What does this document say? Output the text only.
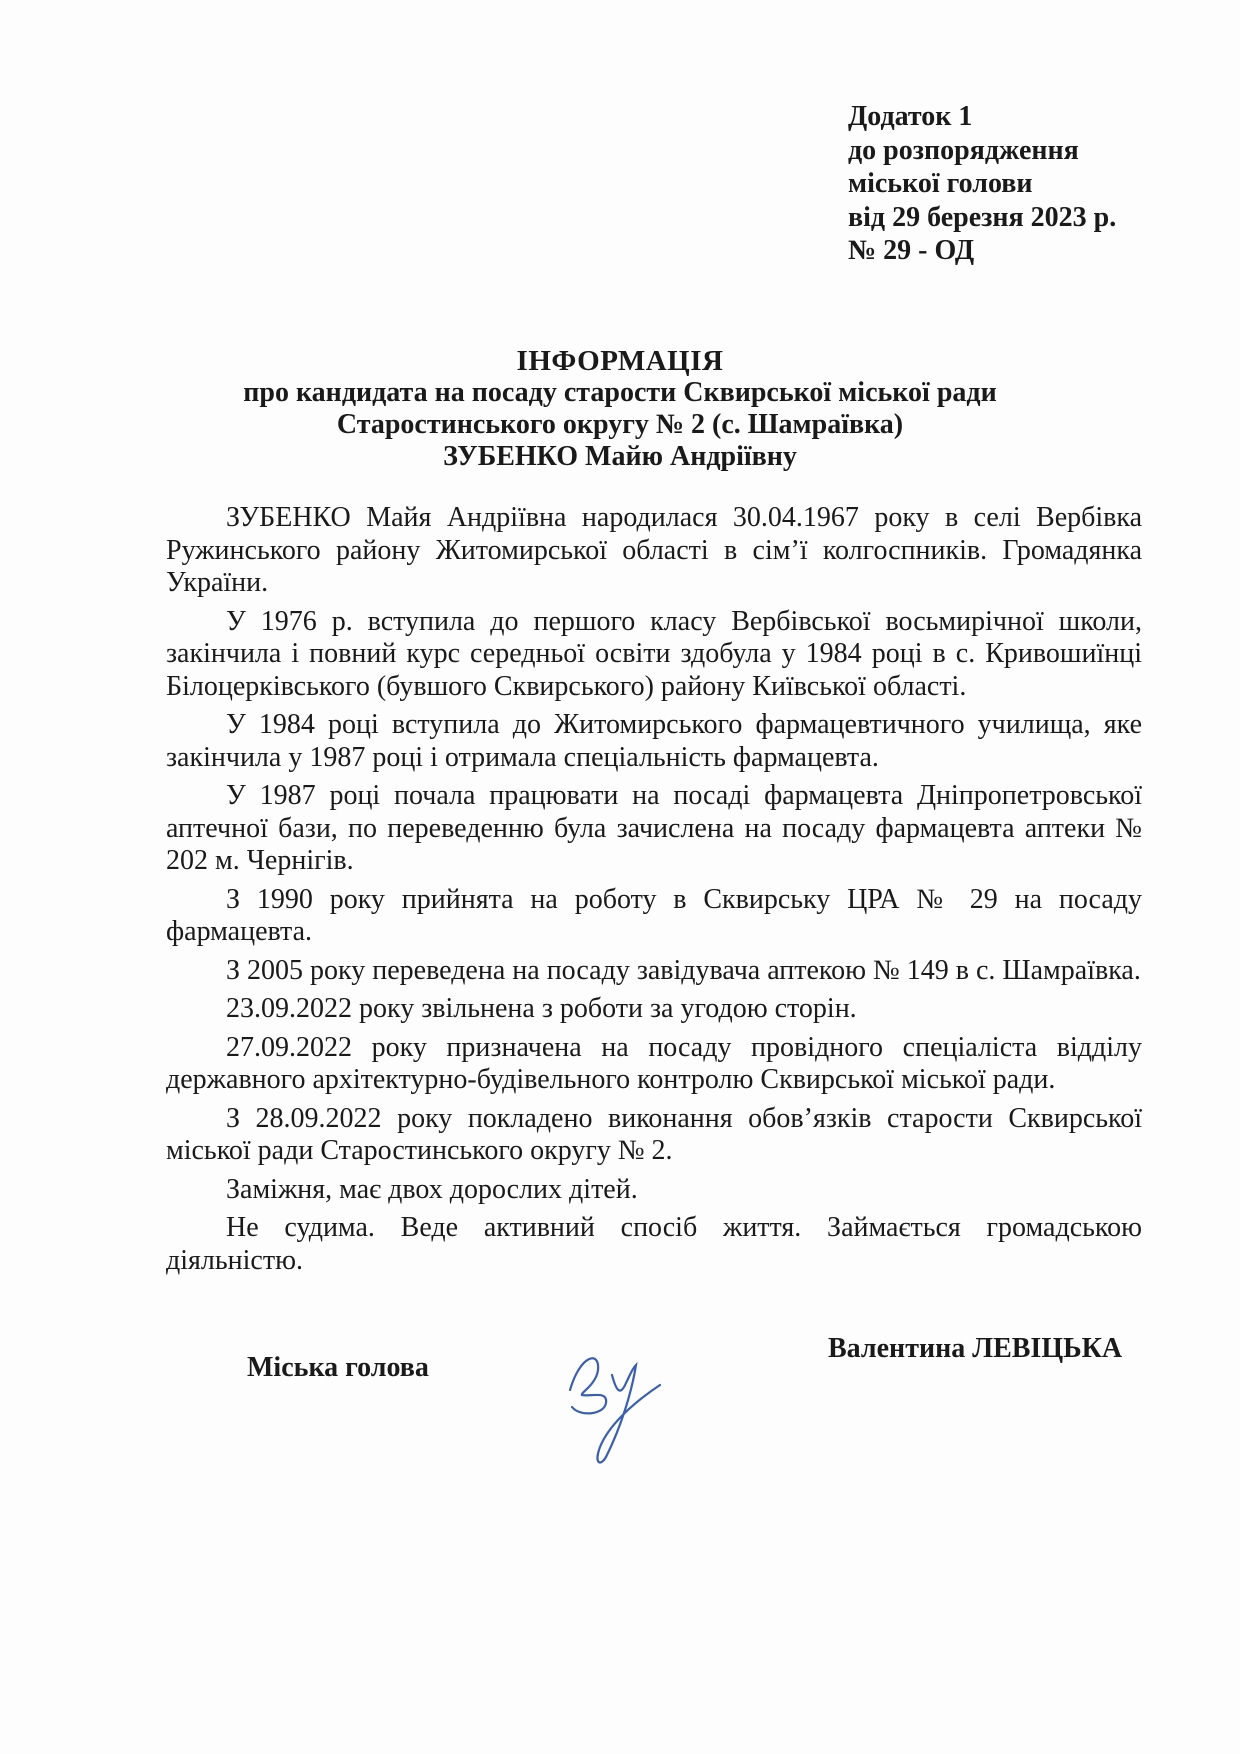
Додаток 1
до розпорядження
міської голови
від 29 березня 2023 р.
№ 29 - ОД
ІНФОРМАЦІЯ
про кандидата на посаду старости Сквирської міської ради
Старостинського округу № 2 (с. Шамраївка)
ЗУБЕНКО Майю Андріївну

ЗУБЕНКО Майя Андріївна народилася 30.04.1967 року в селі Вербівка Ружинського району Житомирської області в сім’ї колгоспників. Громадянка України.

У 1976 р. вступила до першого класу Вербівської восьмирічної школи, закінчила і повний курс середньої освіти здобула у 1984 році в с. Кривошиїнці Білоцерківського (бувшого Сквирського) району Київської області.

У 1984 році вступила до Житомирського фармацевтичного училища, яке закінчила у 1987 році і отримала спеціальність фармацевта.

У 1987 році почала працювати на посаді фармацевта Дніпропетровської аптечної бази, по переведенню була зачислена на посаду фармацевта аптеки № 202 м. Чернігів.

З 1990 року прийнята на роботу в Сквирську ЦРА № 29 на посаду фармацевта.

З 2005 року переведена на посаду завідувача аптекою № 149 в с. Шамраївка.

23.09.2022 року звільнена з роботи за угодою сторін.

27.09.2022 року призначена на посаду провідного спеціаліста відділу державного архітектурно-будівельного контролю Сквирської міської ради.

З 28.09.2022 року покладено виконання обов’язків старости Сквирської міської ради Старостинського округу № 2.

Заміжня, має двох дорослих дітей.

Не судима. Веде активний спосіб життя. Займається громадською діяльністю.

Міська голова
Валентина ЛЕВІЦЬКА
